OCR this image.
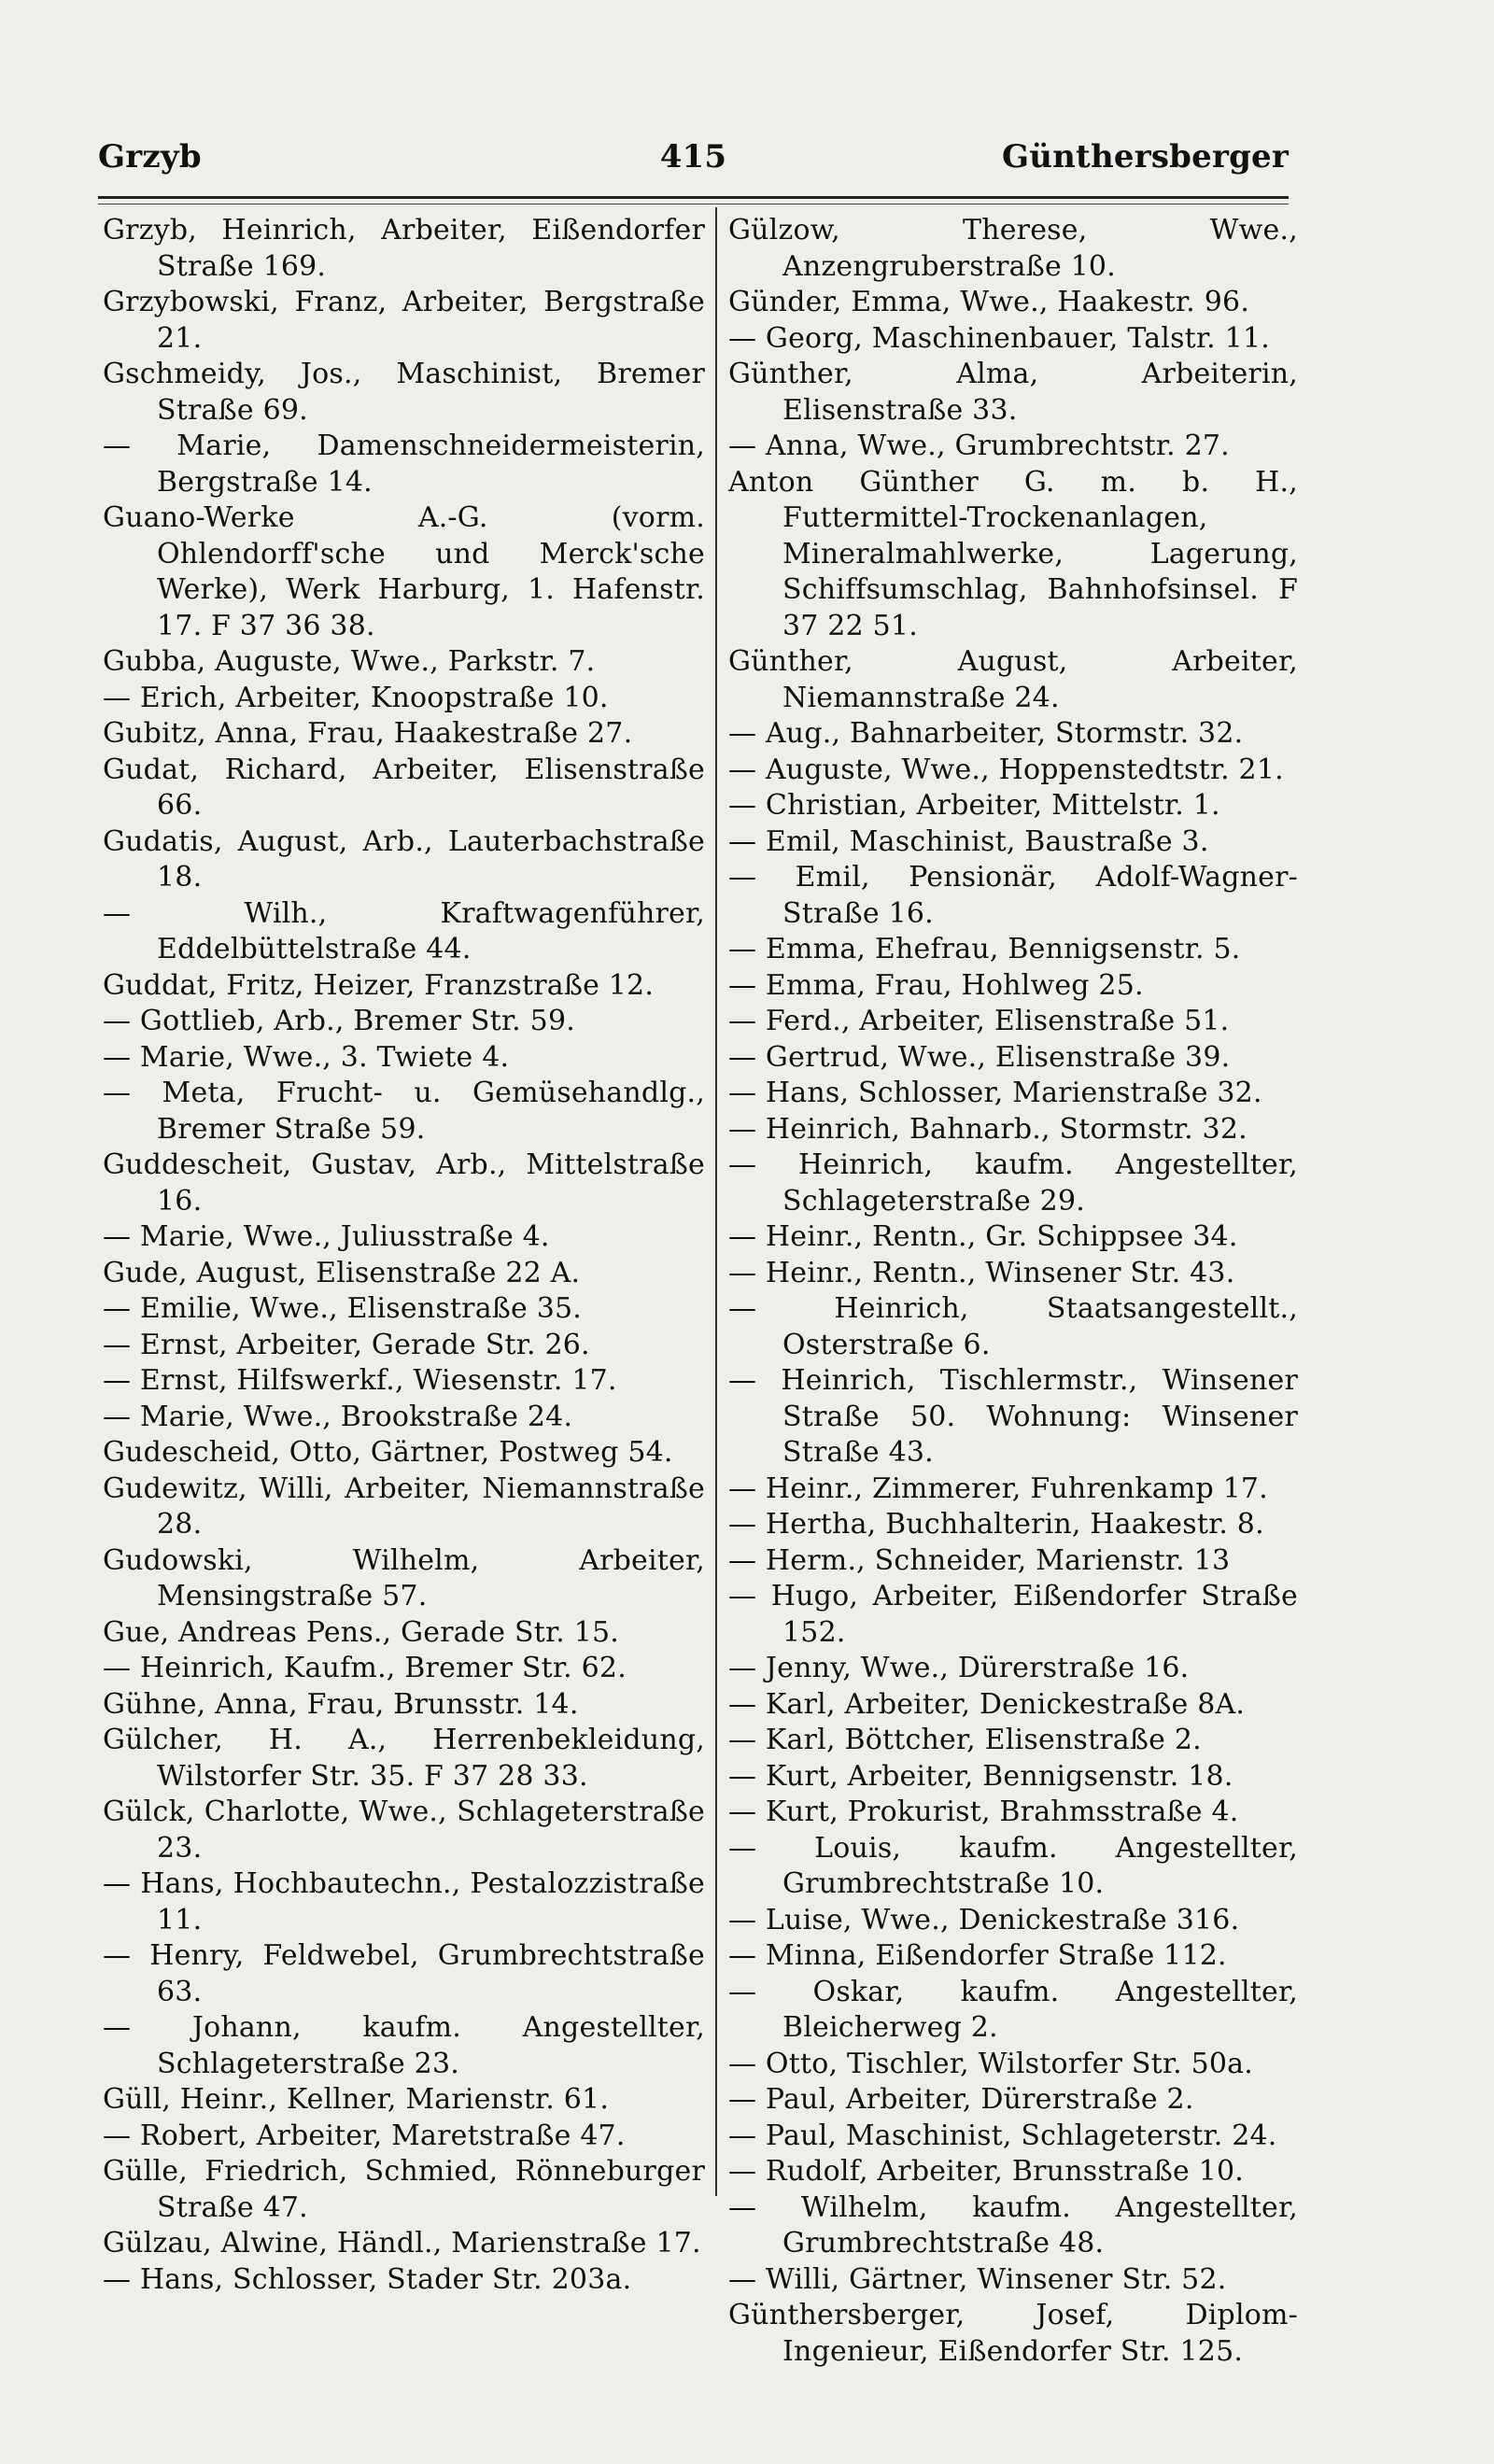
Grzyb	415	Günthersberger
Grzyb, Heinrich, Arbeiter, Eißendorfer Straße 169.
Grzybowski, Franz, Arbeiter, Bergstraße 21.
Gschmeidy, Jos., Maschinist, Bremer Straße 69.
— Marie, Damenschneidermeisterin, Bergstraße 14.
Guano-Werke A.-G. (vorm. Ohlendorff'sche und Merck'sche Werke), Werk Harburg, 1. Hafenstr. 17. F 37 36 38.
Gubba, Auguste, Wwe., Parkstr. 7.
— Erich, Arbeiter, Knoopstraße 10.
Gubitz, Anna, Frau, Haakestraße 27.
Gudat, Richard, Arbeiter, Elisenstraße 66.
Gudatis, August, Arb., Lauterbachstraße 18.
— Wilh., Kraftwagenführer, Eddelbüttelstraße 44.
Guddat, Fritz, Heizer, Franzstraße 12.
— Gottlieb, Arb., Bremer Str. 59.
— Marie, Wwe., 3. Twiete 4.
— Meta, Frucht- u. Gemüsehandlg., Bremer Straße 59.
Guddescheit, Gustav, Arb., Mittelstraße 16.
— Marie, Wwe., Juliusstraße 4.
Gude, August, Elisenstraße 22 A.
— Emilie, Wwe., Elisenstraße 35.
— Ernst, Arbeiter, Gerade Str. 26.
— Ernst, Hilfswerkf., Wiesenstr. 17.
— Marie, Wwe., Brookstraße 24.
Gudescheid, Otto, Gärtner, Postweg 54.
Gudewitz, Willi, Arbeiter, Niemannstraße 28.
Gudowski, Wilhelm, Arbeiter, Mensingstraße 57.
Gue, Andreas Pens., Gerade Str. 15.
— Heinrich, Kaufm., Bremer Str. 62.
Gühne, Anna, Frau, Brunsstr. 14.
Gülcher, H. A., Herrenbekleidung, Wilstorfer Str. 35. F 37 28 33.
Gülck, Charlotte, Wwe., Schlageterstraße 23.
— Hans, Hochbautechn., Pestalozzistraße 11.
— Henry, Feldwebel, Grumbrechtstraße 63.
— Johann, kaufm. Angestellter, Schlageterstraße 23.
Güll, Heinr., Kellner, Marienstr. 61.
— Robert, Arbeiter, Maretstraße 47.
Gülle, Friedrich, Schmied, Rönneburger Straße 47.
Gülzau, Alwine, Händl., Marienstraße 17.
— Hans, Schlosser, Stader Str. 203a.
Gülzow, Therese, Wwe., Anzengruberstraße 10.
Günder, Emma, Wwe., Haakestr. 96.
— Georg, Maschinenbauer, Talstr. 11.
Günther, Alma, Arbeiterin, Elisenstraße 33.
— Anna, Wwe., Grumbrechtstr. 27.
Anton Günther G. m. b. H., Futtermittel-Trockenanlagen, Mineralmahlwerke, Lagerung, Schiffsumschlag, Bahnhofsinsel. F 37 22 51.
Günther, August, Arbeiter, Niemannstraße 24.
— Aug., Bahnarbeiter, Stormstr. 32.
— Auguste, Wwe., Hoppenstedtstr. 21.
— Christian, Arbeiter, Mittelstr. 1.
— Emil, Maschinist, Baustraße 3.
— Emil, Pensionär, Adolf-Wagner-Straße 16.
— Emma, Ehefrau, Bennigsenstr. 5.
— Emma, Frau, Hohlweg 25.
— Ferd., Arbeiter, Elisenstraße 51.
— Gertrud, Wwe., Elisenstraße 39.
— Hans, Schlosser, Marienstraße 32.
— Heinrich, Bahnarb., Stormstr. 32.
— Heinrich, kaufm. Angestellter, Schlageterstraße 29.
— Heinr., Rentn., Gr. Schippsee 34.
— Heinr., Rentn., Winsener Str. 43.
— Heinrich, Staatsangestellt., Osterstraße 6.
— Heinrich, Tischlermstr., Winsener Straße 50. Wohnung: Winsener Straße 43.
— Heinr., Zimmerer, Fuhrenkamp 17.
— Hertha, Buchhalterin, Haakestr. 8.
— Herm., Schneider, Marienstr. 13
— Hugo, Arbeiter, Eißendorfer Straße 152.
— Jenny, Wwe., Dürerstraße 16.
— Karl, Arbeiter, Denickestraße 8A.
— Karl, Böttcher, Elisenstraße 2.
— Kurt, Arbeiter, Bennigsenstr. 18.
— Kurt, Prokurist, Brahmsstraße 4.
— Louis, kaufm. Angestellter, Grumbrechtstraße 10.
— Luise, Wwe., Denickestraße 316.
— Minna, Eißendorfer Straße 112.
— Oskar, kaufm. Angestellter, Bleicherweg 2.
— Otto, Tischler, Wilstorfer Str. 50a.
— Paul, Arbeiter, Dürerstraße 2.
— Paul, Maschinist, Schlageterstr. 24.
— Rudolf, Arbeiter, Brunsstraße 10.
— Wilhelm, kaufm. Angestellter, Grumbrechtstraße 48.
— Willi, Gärtner, Winsener Str. 52.
Günthersberger, Josef, Diplom-Ingenieur, Eißendorfer Str. 125.
